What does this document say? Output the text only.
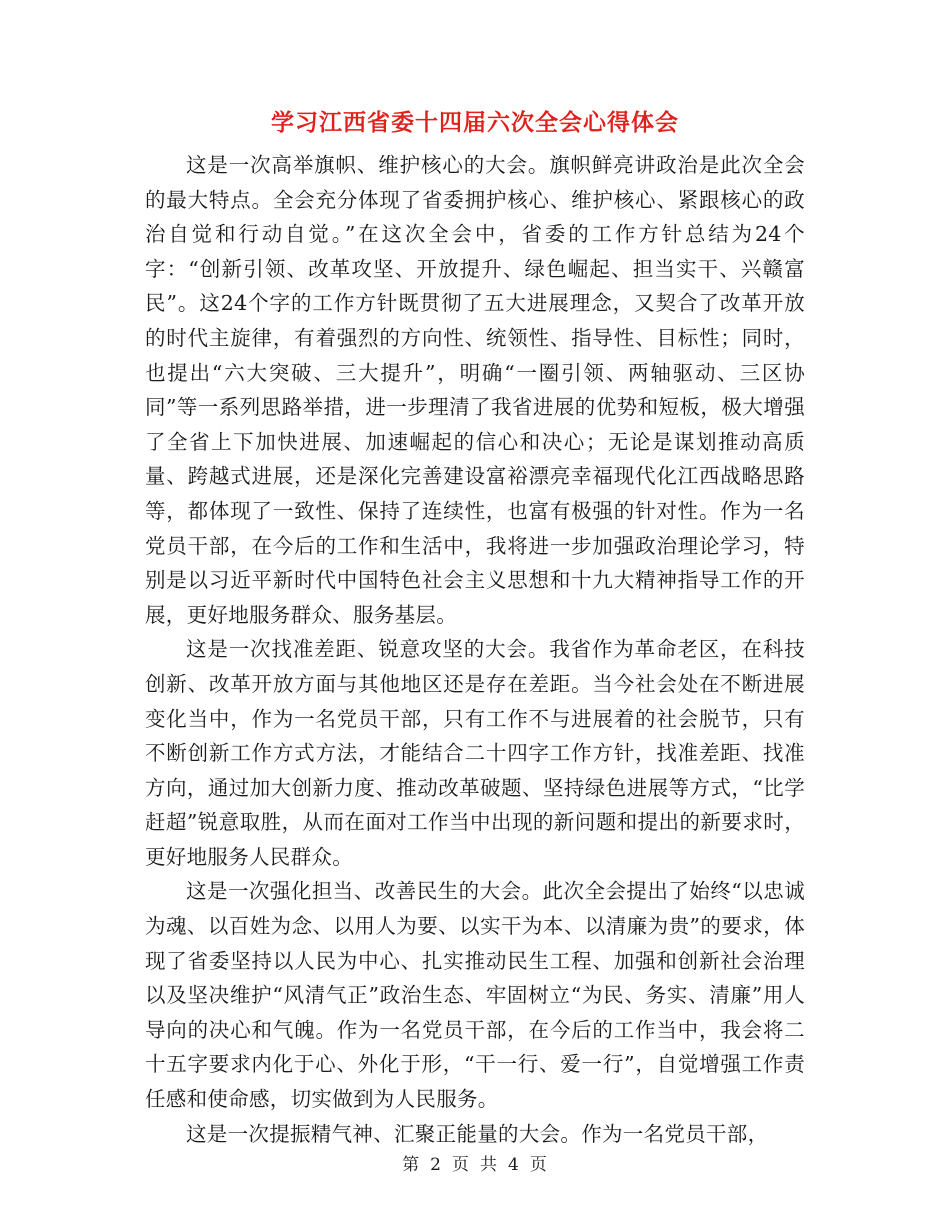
学习江西省委十四届六次全会心得体会

这是一次高举旗帜、维护核心的大会。旗帜鲜亮讲政治是此次全会的最大特点。全会充分体现了省委拥护核心、维护核心、紧跟核心的政治自觉和行动自觉。”在这次全会中，省委的工作方针总结为24个字：“创新引领、改革攻坚、开放提升、绿色崛起、担当实干、兴赣富民”。这24个字的工作方针既贯彻了五大进展理念，又契合了改革开放的时代主旋律，有着强烈的方向性、统领性、指导性、目标性；同时，也提出“六大突破、三大提升”，明确“一圈引领、两轴驱动、三区协同”等一系列思路举措，进一步理清了我省进展的优势和短板，极大增强了全省上下加快进展、加速崛起的信心和决心；无论是谋划推动高质量、跨越式进展，还是深化完善建设富裕漂亮幸福现代化江西战略思路等，都体现了一致性、保持了连续性，也富有极强的针对性。作为一名党员干部，在今后的工作和生活中，我将进一步加强政治理论学习，特别是以习近平新时代中国特色社会主义思想和十九大精神指导工作的开展，更好地服务群众、服务基层。

这是一次找准差距、锐意攻坚的大会。我省作为革命老区，在科技创新、改革开放方面与其他地区还是存在差距。当今社会处在不断进展变化当中，作为一名党员干部，只有工作不与进展着的社会脱节，只有不断创新工作方式方法，才能结合二十四字工作方针，找准差距、找准方向，通过加大创新力度、推动改革破题、坚持绿色进展等方式，“比学赶超”锐意取胜，从而在面对工作当中出现的新问题和提出的新要求时，更好地服务人民群众。

这是一次强化担当、改善民生的大会。此次全会提出了始终“以忠诚为魂、以百姓为念、以用人为要、以实干为本、以清廉为贵”的要求，体现了省委坚持以人民为中心、扎实推动民生工程、加强和创新社会治理以及坚决维护“风清气正”政治生态、牢固树立“为民、务实、清廉”用人导向的决心和气魄。作为一名党员干部，在今后的工作当中，我会将二十五字要求内化于心、外化于形，“干一行、爱一行”，自觉增强工作责任感和使命感，切实做到为人民服务。

这是一次提振精气神、汇聚正能量的大会。作为一名党员干部，

第 2 页 共 4 页
